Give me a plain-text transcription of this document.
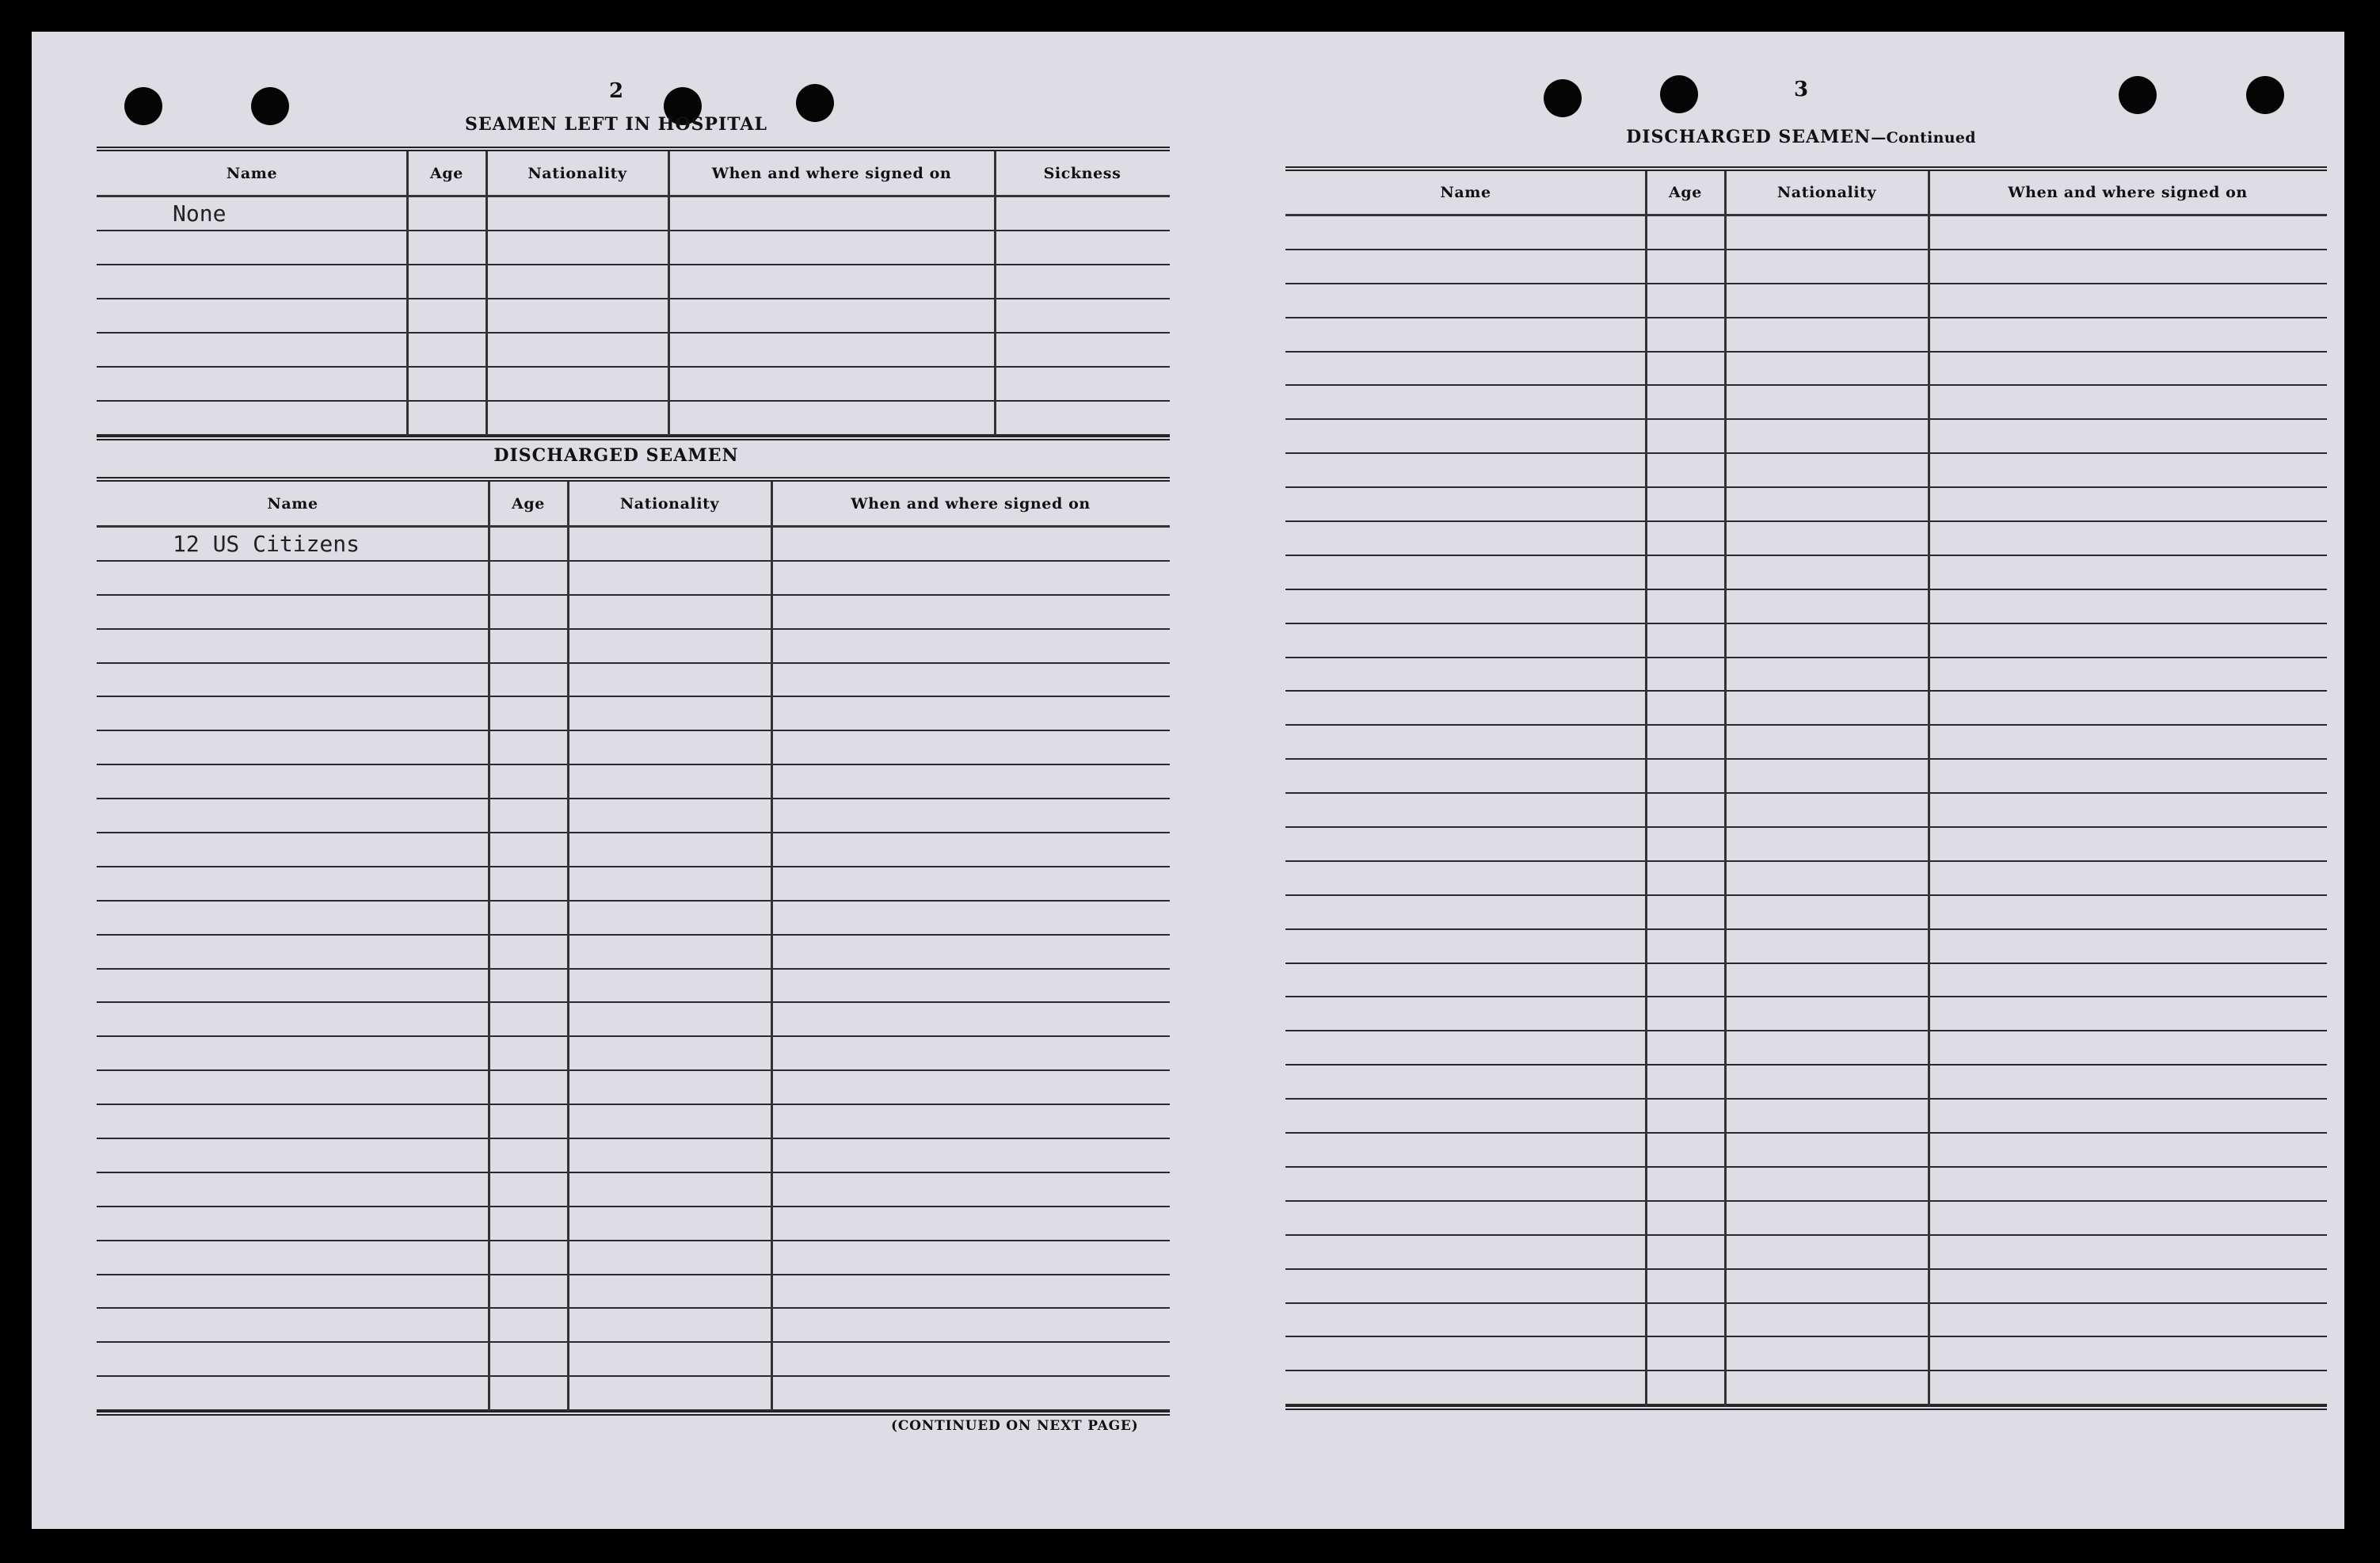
2
SEAMEN LEFT IN HOSPITAL
Name	Age	Nationality	When and where signed on	Sickness
None
DISCHARGED SEAMEN
Name	Age	Nationality	When and where signed on
12 US Citizens
(CONTINUED ON NEXT PAGE)
3
DISCHARGED SEAMEN—Continued
Name	Age	Nationality	When and where signed on
